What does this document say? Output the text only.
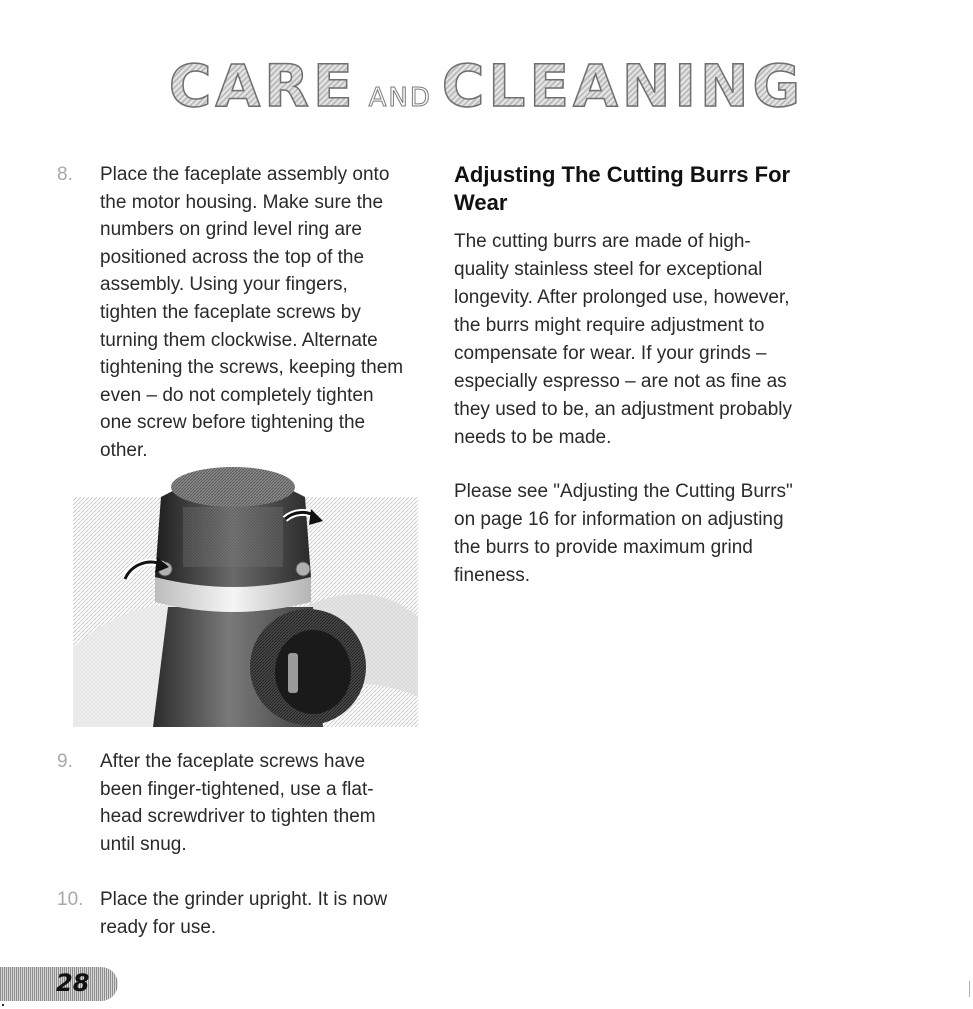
CARE AND CLEANING
8. Place the faceplate assembly onto the motor housing. Make sure the numbers on grind level ring are positioned across the top of the assembly. Using your fingers, tighten the faceplate screws by turning them clockwise. Alternate tightening the screws, keeping them even – do not completely tighten one screw before tightening the other.
9. After the faceplate screws have been finger-tightened, use a flat-head screwdriver to tighten them until snug.
10. Place the grinder upright. It is now ready for use.
Adjusting The Cutting Burrs For Wear

The cutting burrs are made of high-quality stainless steel for exceptional longevity. After prolonged use, however, the burrs might require adjustment to compensate for wear. If your grinds – especially espresso – are not as fine as they used to be, an adjustment probably needs to be made.

Please see "Adjusting the Cutting Burrs" on page 16 for information on adjusting the burrs to provide maximum grind fineness.

28
